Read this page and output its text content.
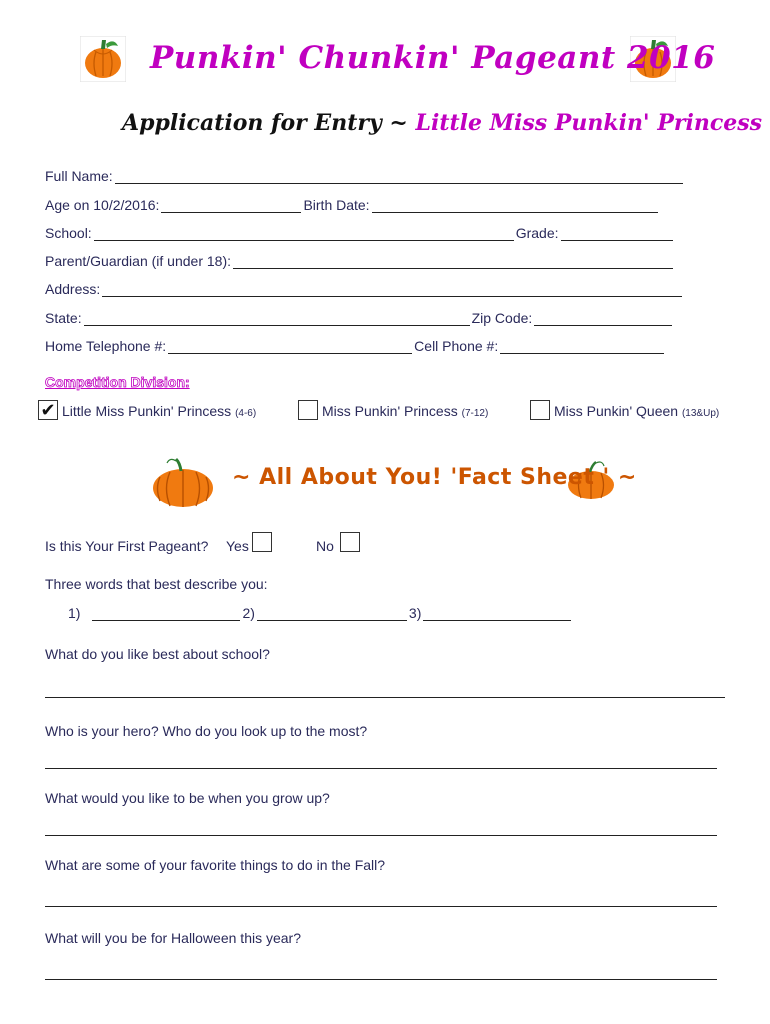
Punkin' Chunkin' Pageant 2016
Application for Entry ~ Little Miss Punkin' Princess
Full Name:
Age on 10/2/2016:	Birth Date:
School:	Grade:
Parent/Guardian (if under 18):
Address:
State:	Zip Code:
Home Telephone #:	Cell Phone #:
Competition Division:
✔ Little Miss Punkin' Princess (4-6)	Miss Punkin' Princess (7-12)	Miss Punkin' Queen (13&Up)
~ All About You! 'Fact Sheet ' ~
Is this Your First Pageant? Yes	No
Three words that best describe you:
1)	2)	3)
What do you like best about school?
Who is your hero? Who do you look up to the most?
What would you like to be when you grow up?
What are some of your favorite things to do in the Fall?
What will you be for Halloween this year?
